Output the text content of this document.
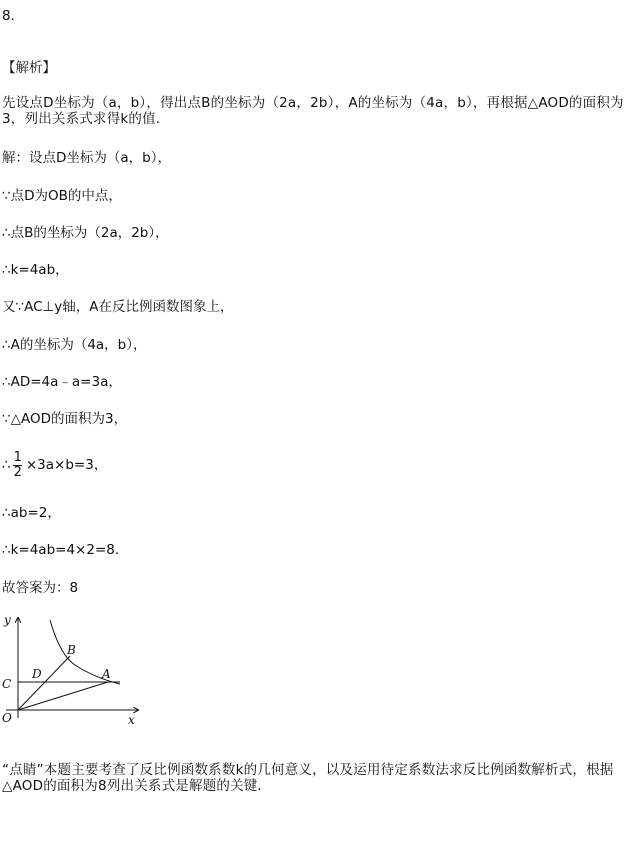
8．
【解析】
先设点D坐标为（a，b），得出点B的坐标为（2a，2b），A的坐标为（4a，b），再根据△AOD的面积为3，列出关系式求得k的值．
解：设点D坐标为（a，b），
∵点D为OB的中点，
∴点B的坐标为（2a，2b），
∴k=4ab，
又∵AC⊥y轴，A在反比例函数图象上，
∴A的坐标为（4a，b），
∴AD=4a﹣a=3a，
∵△AOD的面积为3，
∴ $\frac{1}{2} \times 3a\times b=3$，
∴ab=2，
∴k=4ab=4×2=8．
故答案为：8
y
x
O
C
D
B
A
“点睛”本题主要考查了反比例函数系数k的几何意义，以及运用待定系数法求反比例函数解析式，根据△AOD的面积为8列出关系式是解题的关键．
